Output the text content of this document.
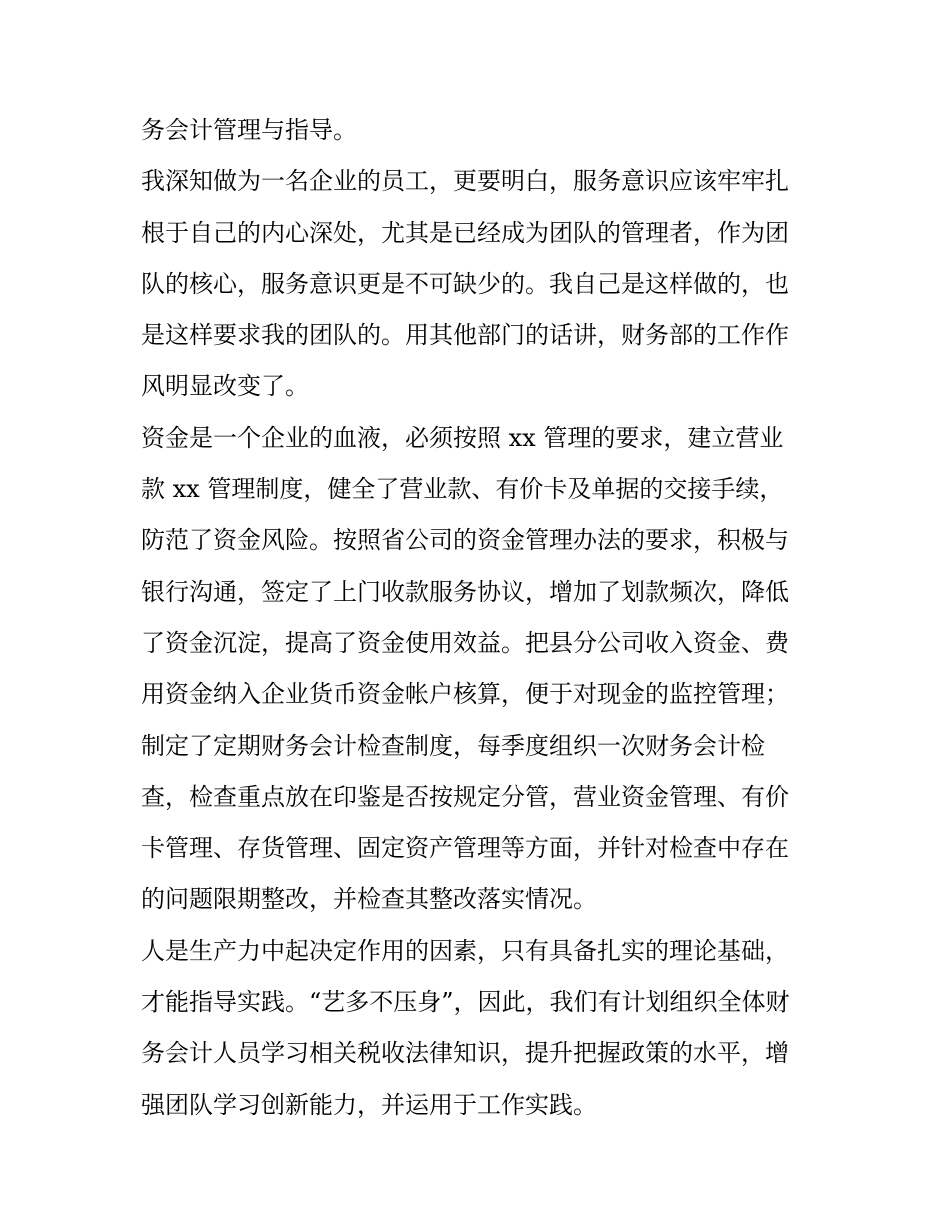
务会计管理与指导。
我深知做为一名企业的员工，更要明白，服务意识应该牢牢扎
根于自己的内心深处，尤其是已经成为团队的管理者，作为团
队的核心，服务意识更是不可缺少的。我自己是这样做的，也
是这样要求我的团队的。用其他部门的话讲，财务部的工作作
风明显改变了。
资金是一个企业的血液，必须按照 xx 管理的要求，建立营业
款 xx 管理制度，健全了营业款、有价卡及单据的交接手续，
防范了资金风险。按照省公司的资金管理办法的要求，积极与
银行沟通，签定了上门收款服务协议，增加了划款频次，降低
了资金沉淀，提高了资金使用效益。把县分公司收入资金、费
用资金纳入企业货币资金帐户核算，便于对现金的监控管理；
制定了定期财务会计检查制度，每季度组织一次财务会计检
查，检查重点放在印鉴是否按规定分管，营业资金管理、有价
卡管理、存货管理、固定资产管理等方面，并针对检查中存在
的问题限期整改，并检查其整改落实情况。
人是生产力中起决定作用的因素，只有具备扎实的理论基础，
才能指导实践。“艺多不压身”，因此，我们有计划组织全体财
务会计人员学习相关税收法律知识，提升把握政策的水平，增
强团队学习创新能力，并运用于工作实践。
